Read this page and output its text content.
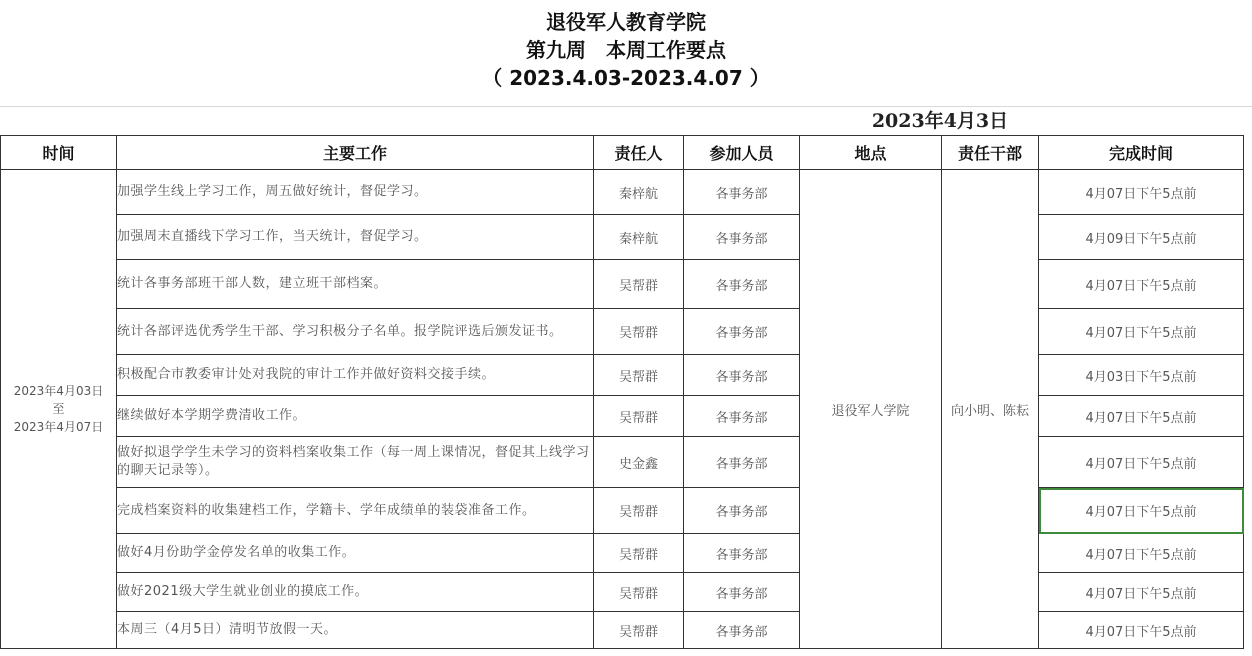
退役军人教育学院
第九周　本周工作要点
（ 2023.4.03-2023.4.07 ）
2023年4月3日
时间	主要工作	责任人	参加人员	地点	责任干部	完成时间

2023年4月03日
至
2023年4月07日	加强学生线上学习工作，周五做好统计，督促学习。	秦梓航	各事务部	退役军人学院	向小明、陈耘	4月07日下午5点前
	加强周末直播线下学习工作，当天统计，督促学习。	秦梓航	各事务部			4月09日下午5点前
	统计各事务部班干部人数，建立班干部档案。	吴帮群	各事务部			4月07日下午5点前
	统计各部评选优秀学生干部、学习积极分子名单。报学院评选后颁发证书。	吴帮群	各事务部			4月07日下午5点前
	积极配合市教委审计处对我院的审计工作并做好资料交接手续。	吴帮群	各事务部			4月03日下午5点前
	继续做好本学期学费清收工作。	吴帮群	各事务部			4月07日下午5点前
	做好拟退学学生未学习的资料档案收集工作（每一周上课情况，督促其上线学习的聊天记录等）。	史金鑫	各事务部			4月07日下午5点前
	完成档案资料的收集建档工作，学籍卡、学年成绩单的装袋准备工作。	吴帮群	各事务部			4月07日下午5点前
	做好4月份助学金停发名单的收集工作。	吴帮群	各事务部			4月07日下午5点前
	做好2021级大学生就业创业的摸底工作。	吴帮群	各事务部			4月07日下午5点前
	本周三（4月5日）清明节放假一天。	吴帮群	各事务部			4月07日下午5点前
